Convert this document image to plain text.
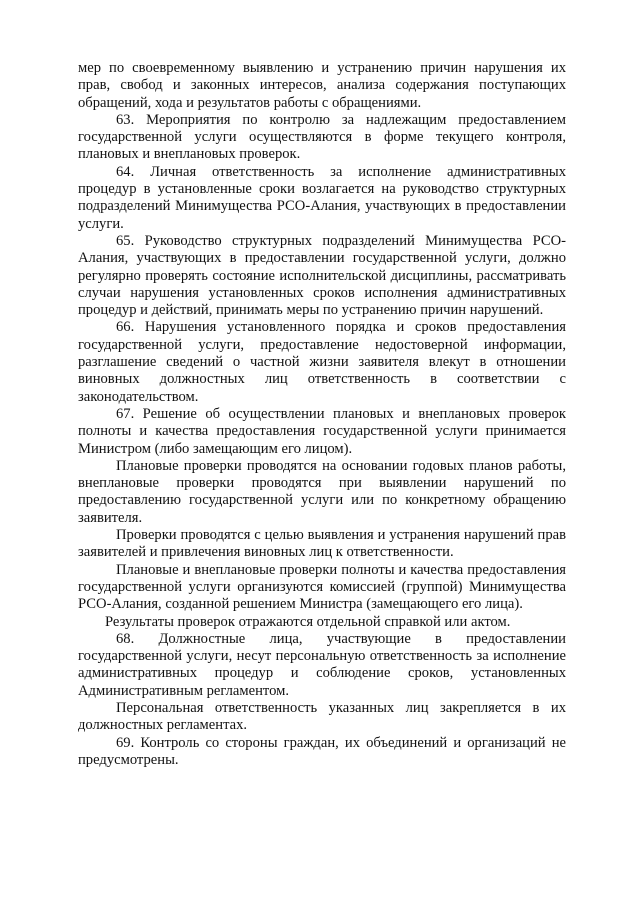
мер по своевременному выявлению и устранению причин нарушения их прав, свобод и законных интересов, анализа содержания поступающих обращений, хода и результатов работы с обращениями.

63. Мероприятия по контролю за надлежащим предоставлением государственной услуги осуществляются в форме текущего контроля, плановых и внеплановых проверок.

64. Личная ответственность за исполнение административных процедур в установленные сроки возлагается на руководство структурных подразделений Минимущества РСО-Алания, участвующих в предоставлении услуги.

65. Руководство структурных подразделений Минимущества РСО-Алания, участвующих в предоставлении государственной услуги, должно регулярно проверять состояние исполнительской дисциплины, рассматривать случаи нарушения установленных сроков исполнения административных процедур и действий, принимать меры по устранению причин нарушений.

66. Нарушения установленного порядка и сроков предоставления государственной услуги, предоставление недостоверной информации, разглашение сведений о частной жизни заявителя влекут в отношении виновных должностных лиц ответственность в соответствии с законодательством.

67. Решение об осуществлении плановых и внеплановых проверок полноты и качества предоставления государственной услуги принимается Министром (либо замещающим его лицом).

Плановые проверки проводятся на основании годовых планов работы, внеплановые проверки проводятся при выявлении нарушений по предоставлению государственной услуги или по конкретному обращению заявителя.

Проверки проводятся с целью выявления и устранения нарушений прав заявителей и привлечения виновных лиц к ответственности.

Плановые и внеплановые проверки полноты и качества предоставления государственной услуги организуются комиссией (группой) Минимущества РСО-Алания, созданной решением Министра (замещающего его лица).

Результаты проверок отражаются отдельной справкой или актом.

68. Должностные лица, участвующие в предоставлении государственной услуги, несут персональную ответственность за исполнение административных процедур и соблюдение сроков, установленных Административным регламентом.

Персональная ответственность указанных лиц закрепляется в их должностных регламентах.

69. Контроль со стороны граждан, их объединений и организаций не предусмотрены.
